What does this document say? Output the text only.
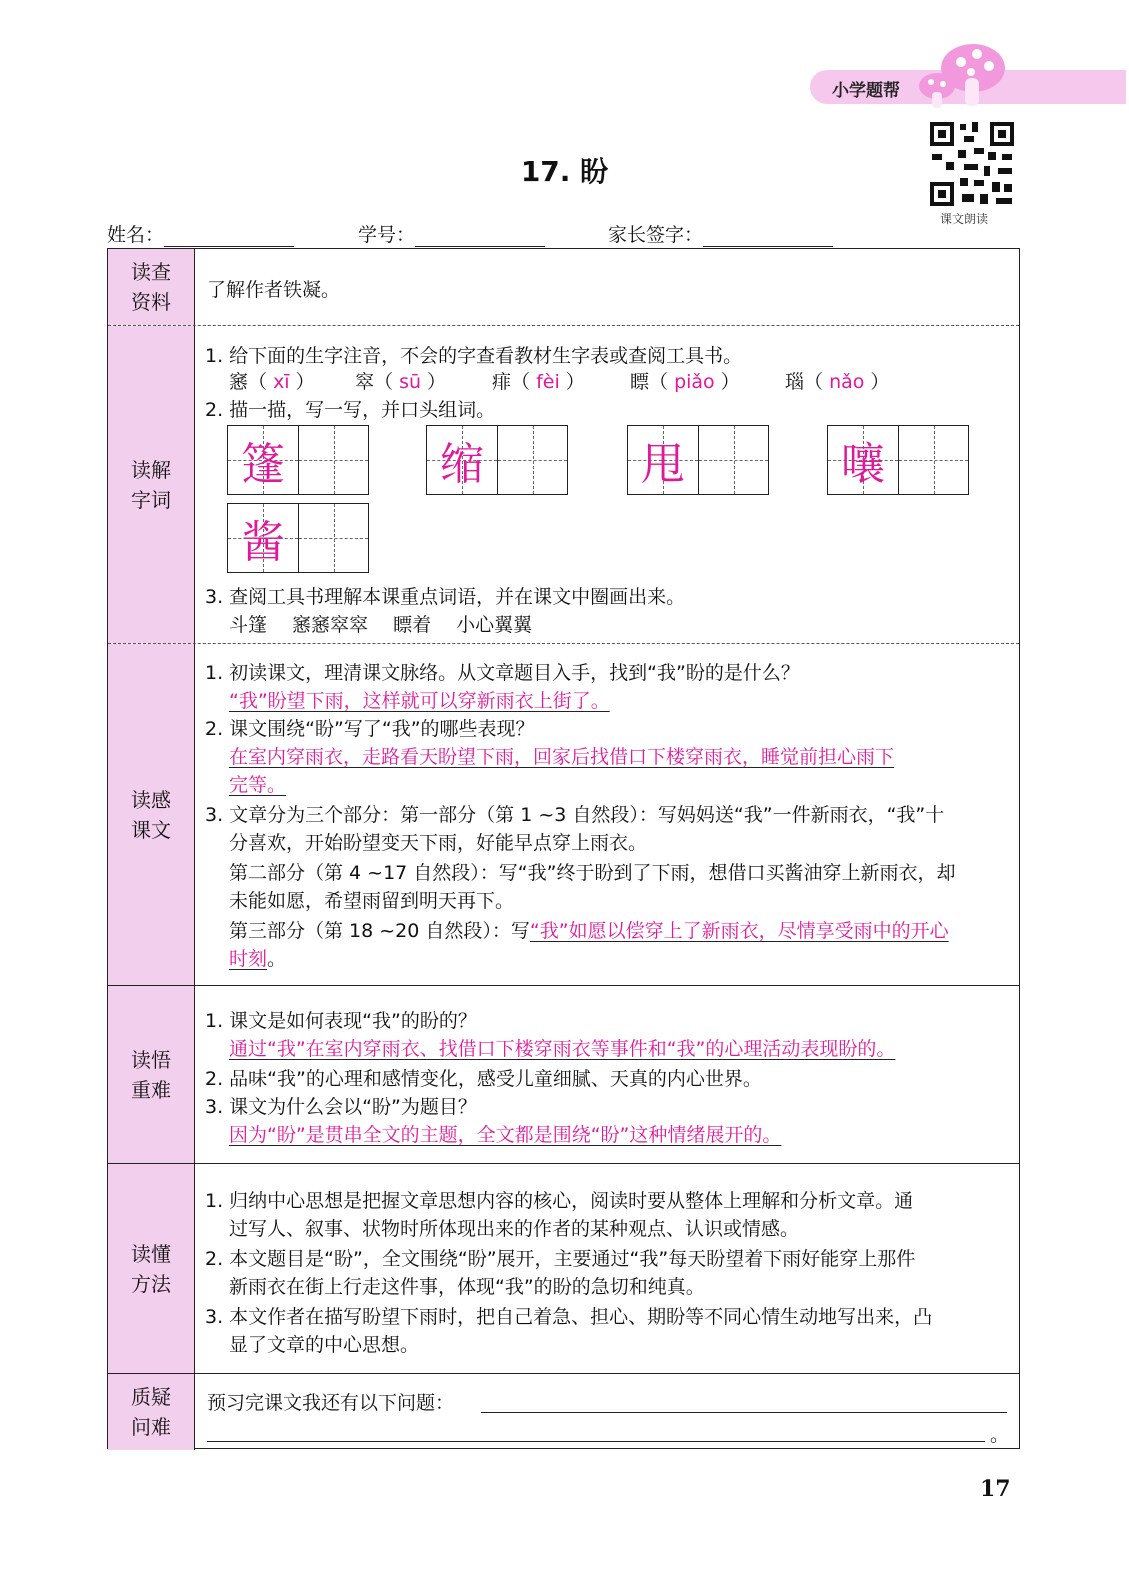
小学题帮
课文朗读
17. 盼
姓名：	学号：	家长签字：
读查资料 了解作者铁凝。
读解字词
1. 给下面的生字注音，不会的字查看教材生字表或查阅工具书。
窸（ xī ） 窣（ sū ） 痱（ fèi ） 瞟（ piǎo ） 瑙（ nǎo ）
2. 描一描，写一写，并口头组词。
篷	缩	甩	嚷
酱
3. 查阅工具书理解本课重点词语，并在课文中圈画出来。
斗篷　 窸窸窣窣　 瞟着　 小心翼翼
读感课文
1. 初读课文，理清课文脉络。从文章题目入手，找到“我”盼的是什么？
“我”盼望下雨，这样就可以穿新雨衣上街了。
2. 课文围绕“盼”写了“我”的哪些表现？
在室内穿雨衣，走路看天盼望下雨，回家后找借口下楼穿雨衣，睡觉前担心雨下
完等。
3. 文章分为三个部分：第一部分（第 1 ~3 自然段）：写妈妈送“我”一件新雨衣，“我”十
分喜欢，开始盼望变天下雨，好能早点穿上雨衣。
第二部分（第 4 ~17 自然段）：写“我”终于盼到了下雨，想借口买酱油穿上新雨衣，却
未能如愿，希望雨留到明天再下。
第三部分（第 18 ~20 自然段）：写“我”如愿以偿穿上了新雨衣，尽情享受雨中的开心
时刻。
读悟重难
1. 课文是如何表现“我”的盼的？
通过“我”在室内穿雨衣、找借口下楼穿雨衣等事件和“我”的心理活动表现盼的。
2. 品味“我”的心理和感情变化，感受儿童细腻、天真的内心世界。
3. 课文为什么会以“盼”为题目？
因为“盼”是贯串全文的主题，全文都是围绕“盼”这种情绪展开的。
读懂方法
1. 归纳中心思想是把握文章思想内容的核心，阅读时要从整体上理解和分析文章。通
过写人、叙事、状物时所体现出来的作者的某种观点、认识或情感。
2. 本文题目是“盼”，全文围绕“盼”展开，主要通过“我”每天盼望着下雨好能穿上那件
新雨衣在街上行走这件事，体现“我”的盼的急切和纯真。
3. 本文作者在描写盼望下雨时，把自己着急、担心、期盼等不同心情生动地写出来，凸
显了文章的中心思想。
质疑问难
预习完课文我还有以下问题：
。
17
